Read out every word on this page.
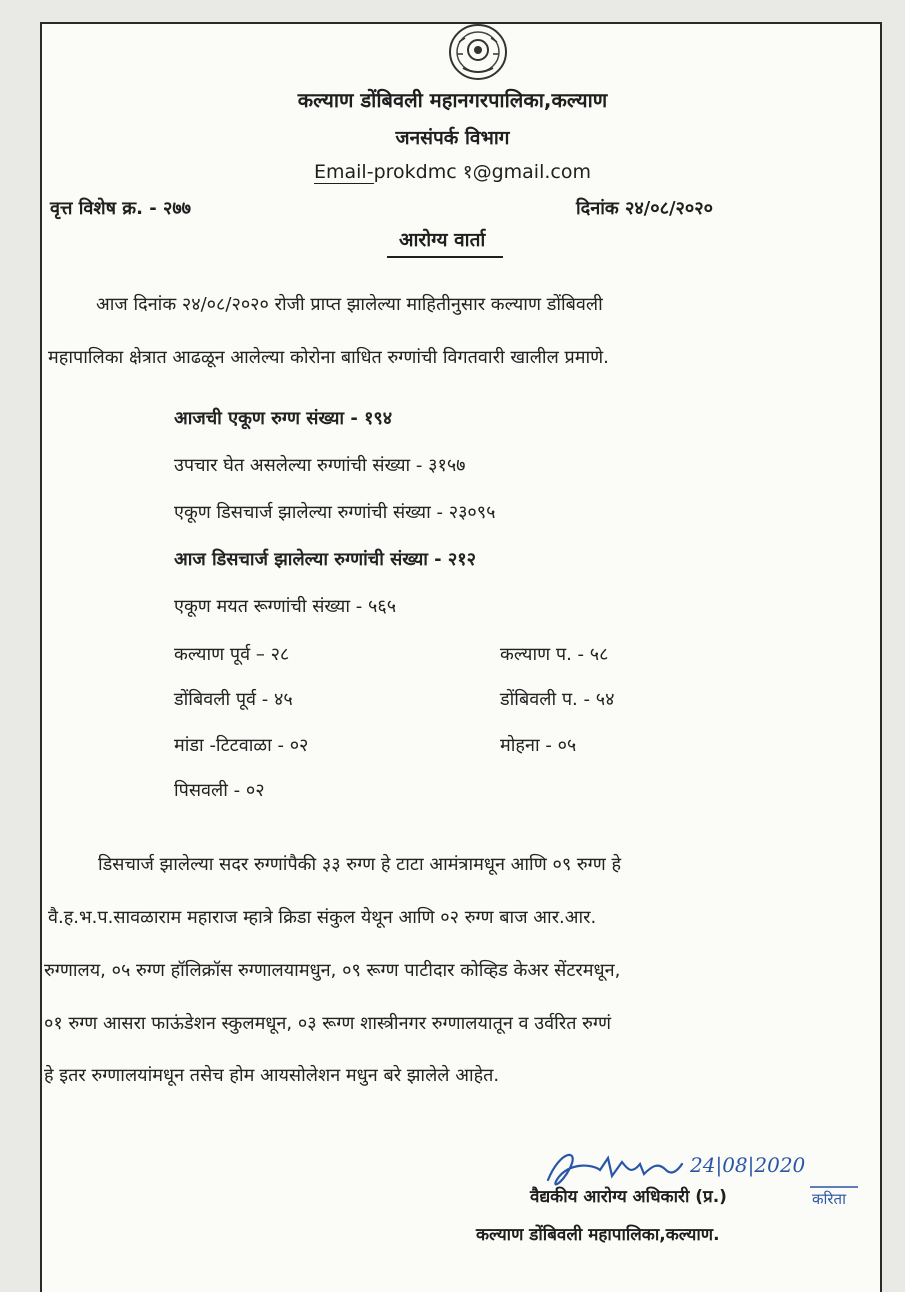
कल्याण डोंबिवली महानगरपालिका,कल्याण
जनसंपर्क विभाग
Email-prokdmc १@gmail.com
वृत्त विशेष क्र. - २७७	दिनांक २४/०८/२०२०
आरोग्य वार्ता
आज दिनांक २४/०८/२०२० रोजी प्राप्त झालेल्या माहितीनुसार कल्याण डोंबिवली
महापालिका क्षेत्रात आढळून आलेल्या कोरोना बाधित रुग्णांची विगतवारी खालील प्रमाणे.
आजची एकूण रुग्ण संख्या - १९४
उपचार घेत असलेल्या रुग्णांची संख्या - ३१५७
एकूण डिसचार्ज झालेल्या रुग्णांची संख्या - २३०९५
आज डिसचार्ज झालेल्या रुग्णांची संख्या - २१२
एकूण मयत रूग्णांची संख्या - ५६५
कल्याण पूर्व – २८	कल्याण प. - ५८
डोंबिवली पूर्व - ४५	डोंबिवली प. - ५४
मांडा -टिटवाळा - ०२	मोहना - ०५
पिसवली - ०२
डिसचार्ज झालेल्या सदर रुग्णांपैकी ३३ रुग्ण हे टाटा आमंत्रामधून आणि ०९ रुग्ण हे
वै.ह.भ.प.सावळाराम महाराज म्हात्रे क्रिडा संकुल येथून आणि ०२ रुग्ण बाज आर.आर.
रुग्णालय, ०५ रुग्ण हॉलिक्रॉस रुग्णालयामधुन, ०९ रूग्ण पाटीदार कोव्हिड केअर सेंटरमधून,
०१ रुग्ण आसरा फाऊंडेशन स्कुलमधून, ०३ रूग्ण शास्त्रीनगर रुग्णालयातून व उर्वरित रुग्णं
हे इतर रुग्णालयांमधून तसेच होम आयसोलेशन मधुन बरे झालेले आहेत.
24|08|2020
करिता
वैद्यकीय आरोग्य अधिकारी (प्र.)
कल्याण डोंबिवली महापालिका,कल्याण.
